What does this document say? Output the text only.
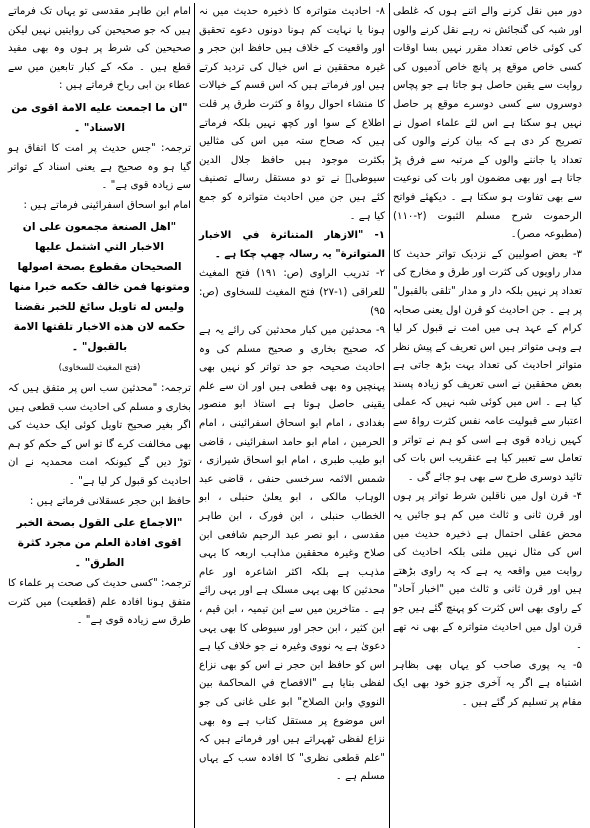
دور میں نقل کرنے والے اتنے ہوں کہ غلطی اور شبہ کی گنجائش نہ رہے نقل کرنے والوں کی کوئی خاص تعداد مقرر نہیں بسا اوقات کسی خاص موقع پر پانچ خاص آدمیوں کی روایت سے یقین حاصل ہو جاتا ہے جو پچاس دوسروں سے کسی دوسرے موقع پر حاصل نہیں ہو سکتا ہے اس لئے علماء اصول نے تصریح کر دی ہے کہ بیان کرنے والوں کی تعداد یا جاننے والوں کے مرتبہ سے فرق پڑ جاتا ہے اور بھی مضمون اور بات کی نوعیت سے بھی تفاوت ہو سکتا ہے ۔ دیکھئے فواتح الرحموت شرح مسلم الثبوت (۲-۱۱۰) (مطبوعہ مصر)۔

۳- بعض اصولیین کے نزدیک تواتر حدیث کا مدار راویوں کی کثرت اور طرق و مخارج کی تعداد پر نہیں بلکہ دار و مدار "تلقی بالقبول" پر ہے ۔ جن احادیث کو قرن اول یعنی صحابہ کرام کے عہد ہی میں امت نے قبول کر لیا ہے وہی متواتر ہیں اس تعریف کے پیش نظر متواتر احادیث کی تعداد بہت بڑھ جاتی ہے بعض محققین نے اسی تعریف کو زیادہ پسند کیا ہے ۔ اس میں کوئی شبہ نہیں کہ عملی اعتبار سے قبولیت عامہ نفس کثرت رواۃ سے کہیں زیادہ قوی ہے اسی کو ہم نے تواتر و تعامل سے تعبیر کیا ہے عنقریب اس بات کی تائید دوسری طرح سے بھی ہو جائے گی ۔

۴- قرن اول میں ناقلین شرط تواتر پر ہوں اور قرن ثانی و ثالث میں کم ہو جائیں یہ محض عقلی احتمال ہے ذخیرہ حدیث میں اس کی مثال نہیں ملتی بلکہ احادیث کی روایت میں واقعہ یہ ہے کہ یہ راوی بڑھتے ہیں اور قرن ثانی و ثالث میں "اخبار آحاد" کے راوی بھی اس کثرت کو پہنچ گئے ہیں جو قرن اول میں احادیث متواترہ کے بھی نہ تھے ۔

۵- یہ پوری صاحب کو یہاں بھی بظاہر اشتباہ ہے اگر یہ آخری جزو خود بھی ایک مقام پر تسلیم کر گئے ہیں ۔

۸- احادیث متواترہ کا ذخیرہ حدیث میں نہ ہونا یا نہایت کم ہونا دونوں دعوے تحقیق اور واقعیت کے خلاف ہیں حافظ ابن حجر و غیرہ محققین نے اس خیال کی تردید کرتے ہیں اور فرماتے ہیں کہ اس قسم کے خیالات کا منشاء احوال رواۃ و کثرت طرق پر قلت اطلاع کے سوا اور کچھ نہیں بلکہ فرماتے ہیں کہ صحاح ستہ میں اس کی مثالیں بکثرت موجود ہیں حافظ جلال الدین سیوطیؒ نے تو دو مستقل رسالے تصنیف کئے ہیں جن میں احادیث متواترہ کو جمع کیا ہے ۔

۱- "الازهار المتناثرة في الاخبار المتواترة" یہ رسالہ چھپ چکا ہے ۔

۲- تدریب الراوی (ص: ۱۹۱) فتح المغیث للعراقی (۱-۲۷) فتح المغیث للسخاوی (ص: ۹۵)

۹- محدثین میں کبار محدثین کی رائے یہ ہے کہ صحیح بخاری و صحیح مسلم کی وہ احادیث صحیحہ جو حد تواتر کو نہیں بھی پہنچیں وہ بھی قطعی ہیں اور ان سے علم یقینی حاصل ہوتا ہے استاذ ابو منصور بغدادی ، امام ابو اسحاق اسفرائینی ، امام الحرمین ، امام ابو حامد اسفرائینی ، قاضی ابو طیب طبری ، امام ابو اسحاق شیرازی ، شمس الائمہ سرخسی حنفی ، قاضی عبد الوہاب مالکی ، ابو یعلیٰ حنبلی ، ابو الخطاب حنبلی ، ابن فورک ، ابن طاہر مقدسی ، ابو نصر عبد الرحیم شافعی ابن صلاح وغیرہ محققین مذاہب اربعہ کا یہی مذہب ہے بلکہ اکثر اشاعرہ اور عام محدثین کا بھی یہی مسلک ہے اور یہی رائے ہے ۔ متاخرین میں سے ابن تیمیہ ، ابن قیم ، ابن کثیر ، ابن حجر اور سیوطی کا بھی یہی دعویٰ ہے یہ نووی وغیرہ نے جو خلاف کیا ہے اس کو حافظ ابن حجر نے اس کو بھی نزاع لفظی بتایا ہے "الافصاح في المحاكمة بين النووي وابن الصلاح" ابو علی غانی کی جو اس موضوع پر مستقل کتاب ہے وہ بھی نزاع لفظی ٹھہراتے ہیں اور فرماتے ہیں کہ "علم قطعی نظری" کا افادہ سب کے یہاں مسلم ہے ۔

امام ابن طاہر مقدسی تو یہاں تک فرماتے ہیں کہ جو صحیحین کی روایتیں نہیں لیکن صحیحین کی شرط پر ہوں وہ بھی مفید قطع ہیں ۔ مکہ کے کبار تابعین میں سے عطاء بن ابی رباح فرماتے ہیں :

"ان ما اجمعت عليه الامة اقوى من الاسناد" ۔

ترجمہ: "جس حدیث پر امت کا اتفاق ہو گیا ہو وہ صحیح ہے یعنی اسناد کے تواتر سے زیادہ قوی ہے" ۔

امام ابو اسحاق اسفرائینی فرماتے ہیں :

"اهل الصنعة مجمعون على ان الاخبار التي اشتمل عليها الصحيحان مقطوع بصحة اصولها ومتونها فمن خالف حكمه خبرا منها وليس له تاويل سائغ للخبر نقضنا حكمه لان هذه الاخبار تلقتها الامة بالقبول" ۔

(فتح المغیث للسخاوی)

ترجمہ: "محدثین سب اس پر متفق ہیں کہ بخاری و مسلم کی احادیث سب قطعی ہیں اگر بغیر صحیح تاویل کوئی ایک حدیث کی بھی مخالفت کرے گا تو اس کے حکم کو ہم توڑ دیں گے کیونکہ امت محمدیہ نے ان احادیث کو قبول کر لیا ہے" ۔

حافظ ابن حجر عسقلانی فرماتے ہیں :

"الاجماع على القول بصحة الخبر اقوى افادة العلم من مجرد كثرة الطرق" ۔

ترجمہ: "کسی حدیث کی صحت پر علماء کا متفق ہونا افادہ علم (قطعیت) میں کثرت طرق سے زیادہ قوی ہے" ۔
